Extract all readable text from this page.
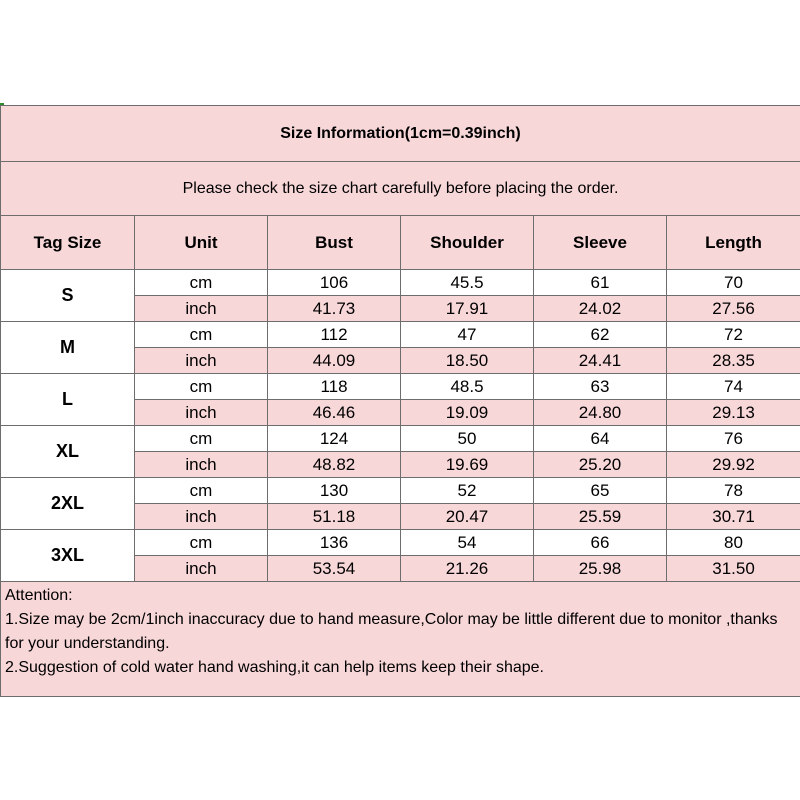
Size Information(1cm=0.39inch)					
Please check the size chart carefully before placing the order.					
Tag Size	Unit	Bust	Shoulder	Sleeve	Length
S	cm	106	45.5	61	70
	inch	41.73	17.91	24.02	27.56
M	cm	112	47	62	72
	inch	44.09	18.50	24.41	28.35
L	cm	118	48.5	63	74
	inch	46.46	19.09	24.80	29.13
XL	cm	124	50	64	76
	inch	48.82	19.69	25.20	29.92
2XL	cm	130	52	65	78
	inch	51.18	20.47	25.59	30.71
3XL	cm	136	54	66	80
	inch	53.54	21.26	25.98	31.50

Attention:
1.Size may be 2cm/1inch inaccuracy due to hand measure,Color may be little different due to monitor ,thanks for your understanding.
2.Suggestion of cold water hand washing,it can help items keep their shape.					
